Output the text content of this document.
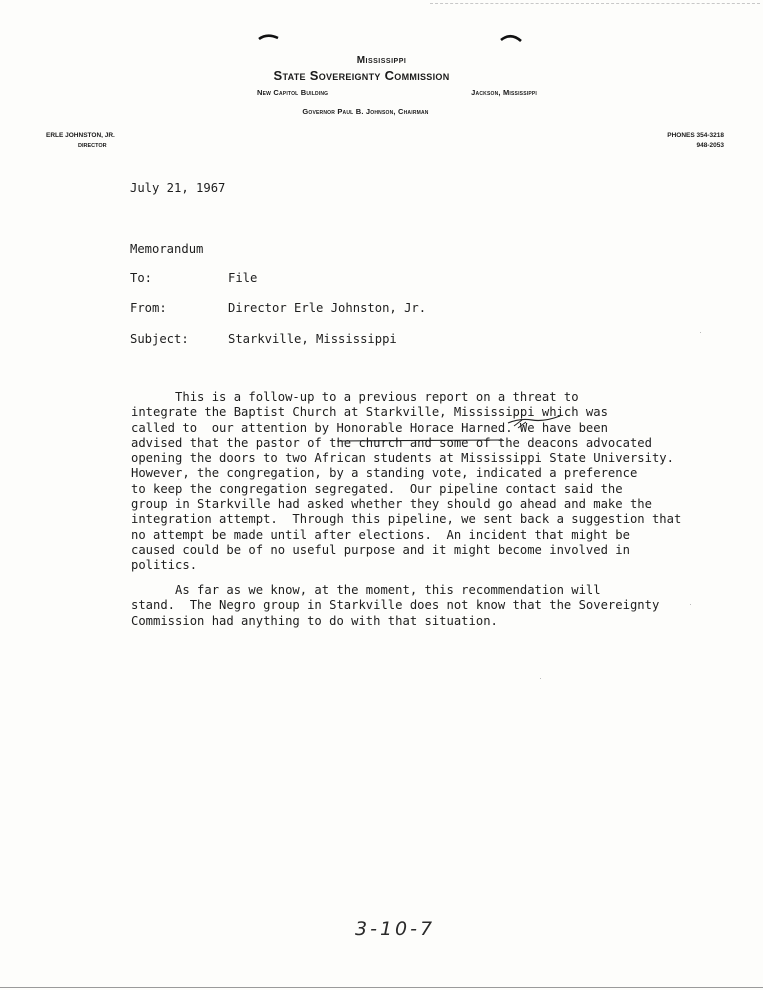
Mississippi
State Sovereignty Commission
New Capitol Building	Jackson, Mississippi
Governor Paul B. Johnson, Chairman
ERLE JOHNSTON, JR.
DIRECTOR
PHONES 354-3218
948-2053
July 21, 1967
Memorandum
To:	File
From:	Director Erle Johnston, Jr.
Subject:	Starkville, Mississippi
This is a follow-up to a previous report on a threat to
integrate the Baptist Church at Starkville, Mississippi which was
called to  our attention by Honorable Horace Harned. We have been
advised that the pastor of the church and some of the deacons advocated
opening the doors to two African students at Mississippi State University.
However, the congregation, by a standing vote, indicated a preference
to keep the congregation segregated.  Our pipeline contact said the
group in Starkville had asked whether they should go ahead and make the
integration attempt.  Through this pipeline, we sent back a suggestion that
no attempt be made until after elections.  An incident that might be
caused could be of no useful purpose and it might become involved in
politics.
As far as we know, at the moment, this recommendation will
stand.  The Negro group in Starkville does not know that the Sovereignty
Commission had anything to do with that situation.
3-10-7
